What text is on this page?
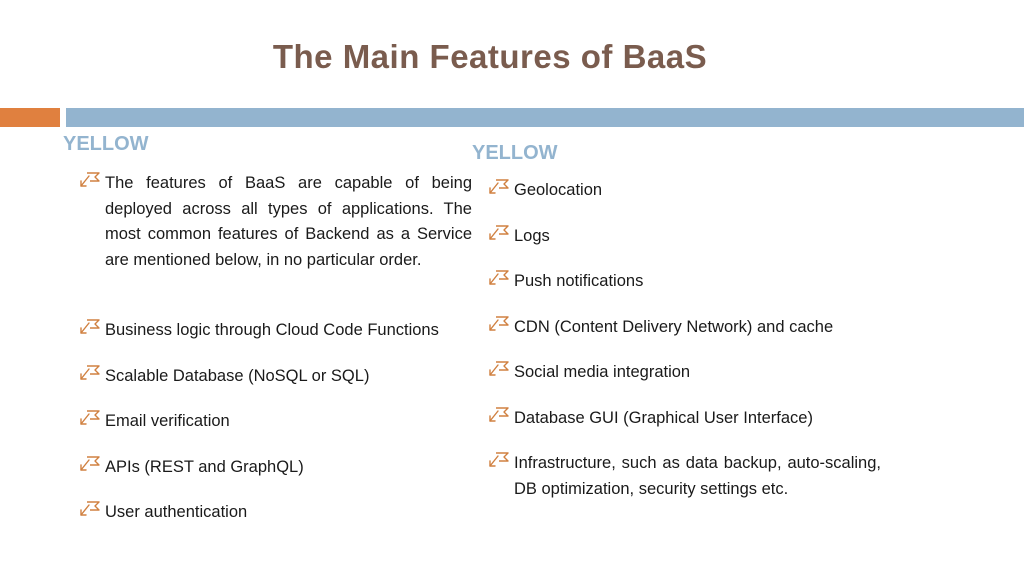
The Main Features of BaaS
YELLOW	YELLOW
The features of BaaS are capable of being deployed across all types of applications. The most common features of Backend as a Service are mentioned below, in no particular order.
Business logic through Cloud Code Functions
Scalable Database (NoSQL or SQL)
Email verification
APIs (REST and GraphQL)
User authentication
Geolocation
Logs
Push notifications
CDN (Content Delivery Network) and cache
Social media integration
Database GUI (Graphical User Interface)
Infrastructure, such as data backup, auto-scaling, DB optimization, security settings etc.
